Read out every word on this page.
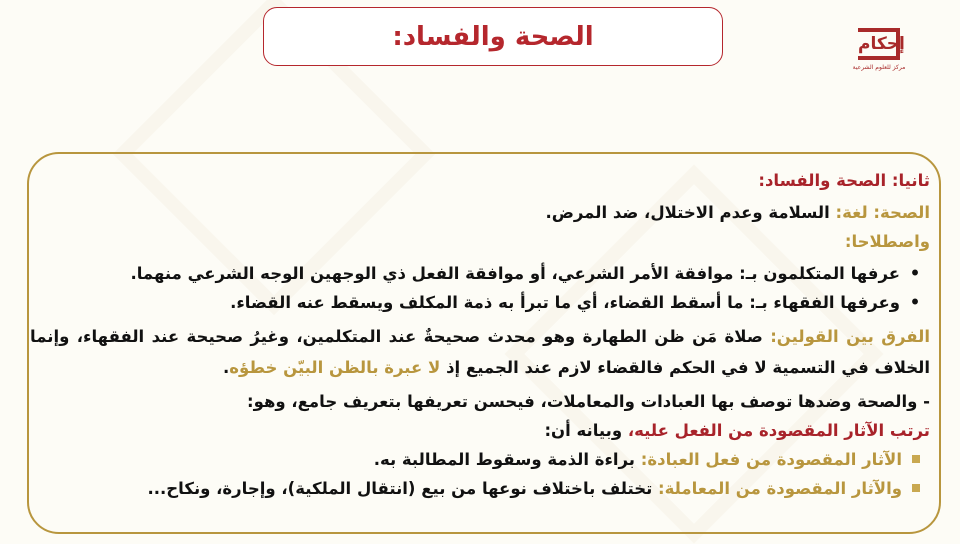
الصحة والفساد:	إحكام
مركز للعلوم الشرعية
ثانيا: الصحة والفساد:
الصحة: لغة: السلامة وعدم الاختلال، ضد المرض.
واصطلاحا:
•عرفها المتكلمون بـ: موافقة الأمر الشرعي، أو موافقة الفعل ذي الوجهين الوجه الشرعي منهما.
•وعرفها الفقهاء بـ: ما أسقط القضاء، أي ما تبرأ به ذمة المكلف ويسقط عنه القضاء.
الفرق بين القولين: صلاة مَن ظن الطهارة وهو محدث صحيحةٌ عند المتكلمين، وغيرُ صحيحة عند الفقهاء، وإنما الخلاف في التسمية لا في الحكم فالقضاء لازم عند الجميع إذ لا عبرة بالظن البيّن خطؤه.
- والصحة وضدها توصف بها العبادات والمعاملات، فيحسن تعريفها بتعريف جامع، وهو:
ترتب الآثار المقصودة من الفعل عليه، وبيانه أن:
الآثار المقصودة من فعل العبادة: براءة الذمة وسقوط المطالبة به.
والآثار المقصودة من المعاملة: تختلف باختلاف نوعها من بيع (انتقال الملكية)، وإجارة، ونكاح...
